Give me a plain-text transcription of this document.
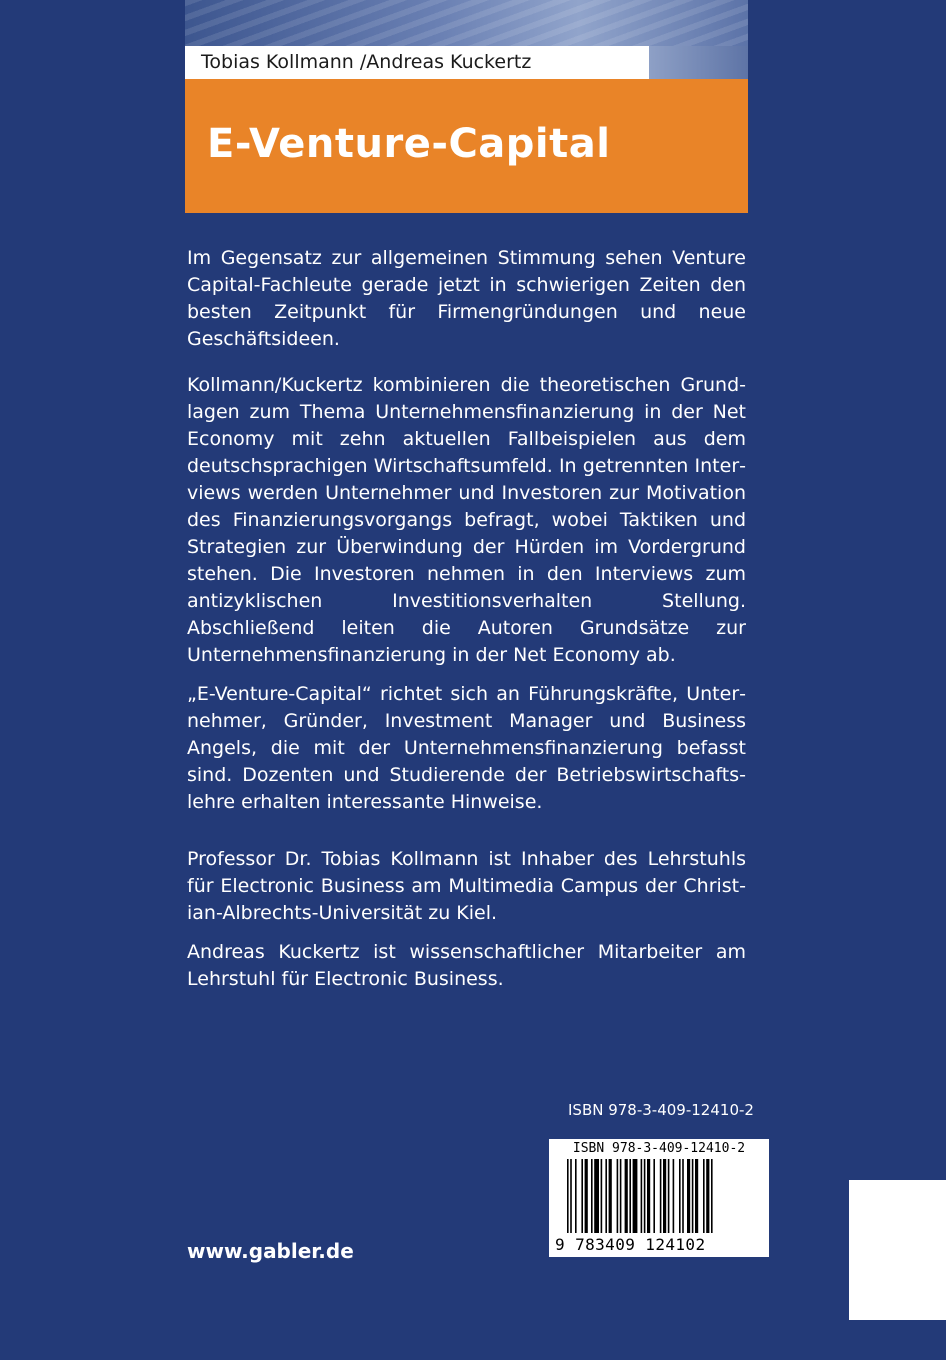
Tobias Kollmann /Andreas Kuckertz
E-Venture-Capital

Im Gegensatz zur allgemeinen Stimmung sehen Venture Capital-Fachleute gerade jetzt in schwierigen Zeiten den besten Zeitpunkt für Firmengründungen und neue Geschäftsideen.

Kollmann/Kuckertz kombinieren die theoretischen Grundlagen zum Thema Unternehmensfinanzierung in der Net Economy mit zehn aktuellen Fallbeispielen aus dem deutschsprachigen Wirtschaftsumfeld. In getrennten Interviews werden Unternehmer und Investoren zur Motivation des Finanzierungsvorgangs befragt, wobei Taktiken und Strategien zur Überwindung der Hürden im Vordergrund stehen. Die Investoren nehmen in den Interviews zum antizyklischen Investitionsverhalten Stellung. Abschließend leiten die Autoren Grundsätze zur Unternehmensfinanzierung in der Net Economy ab.

„E-Venture-Capital“ richtet sich an Führungskräfte, Unternehmer, Gründer, Investment Manager und Business Angels, die mit der Unternehmensfinanzierung befasst sind. Dozenten und Studierende der Betriebswirtschaftslehre erhalten interessante Hinweise.

Professor Dr. Tobias Kollmann ist Inhaber des Lehrstuhls für Electronic Business am Multimedia Campus der Christian-Albrechts-Universität zu Kiel.

Andreas Kuckertz ist wissenschaftlicher Mitarbeiter am Lehrstuhl für Electronic Business.

ISBN 978-3-409-12410-2
ISBN 978-3-409-12410-2
9 783409 124102
www.gabler.de
